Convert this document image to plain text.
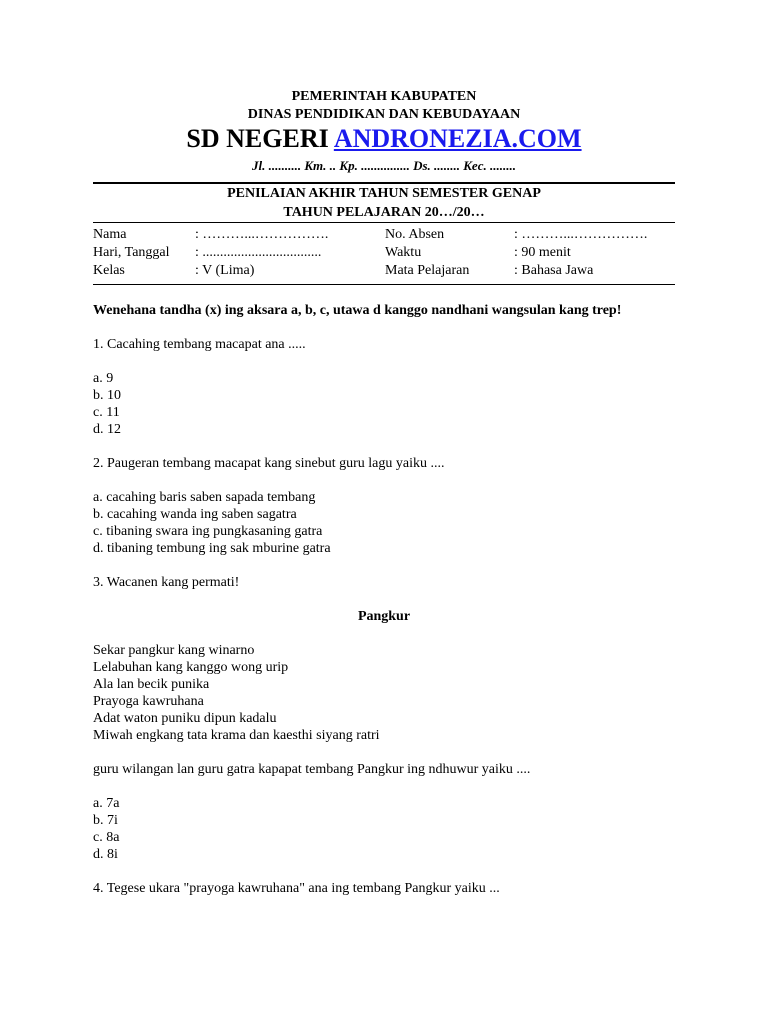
PEMERINTAH KABUPATEN
DINAS PENDIDIKAN DAN KEBUDAYAAN
SD NEGERI ANDRONEZIA.COM
Jl. .......... Km. .. Kp. ............... Ds. ........ Kec. ........
PENILAIAN AKHIR TAHUN SEMESTER GENAP
TAHUN PELAJARAN 20…/20…
Nama	: ………...…………….	No. Absen	: ………...…………….
Hari, Tanggal : ..................................	Waktu	: 90 menit
Kelas	: V (Lima)	Mata Pelajaran	: Bahasa Jawa

Wenehana tandha (x) ing aksara a, b, c, utawa d kanggo nandhani wangsulan kang trep!

1. Cacahing tembang macapat ana .....

a. 9

b. 10

c. 11

d. 12

2. Paugeran tembang macapat kang sinebut guru lagu yaiku ....

a. cacahing baris saben sapada tembang

b. cacahing wanda ing saben sagatra

c. tibaning swara ing pungkasaning gatra

d. tibaning tembung ing sak mburine gatra

3. Wacanen kang permati!

Pangkur

Sekar pangkur kang winarno

Lelabuhan kang kanggo wong urip

Ala lan becik punika

Prayoga kawruhana

Adat waton puniku dipun kadalu

Miwah engkang tata krama dan kaesthi siyang ratri

guru wilangan lan guru gatra kapapat tembang Pangkur ing ndhuwur yaiku ....

a. 7a

b. 7i

c. 8a

d. 8i

4. Tegese ukara "prayoga kawruhana" ana ing tembang Pangkur yaiku ...
